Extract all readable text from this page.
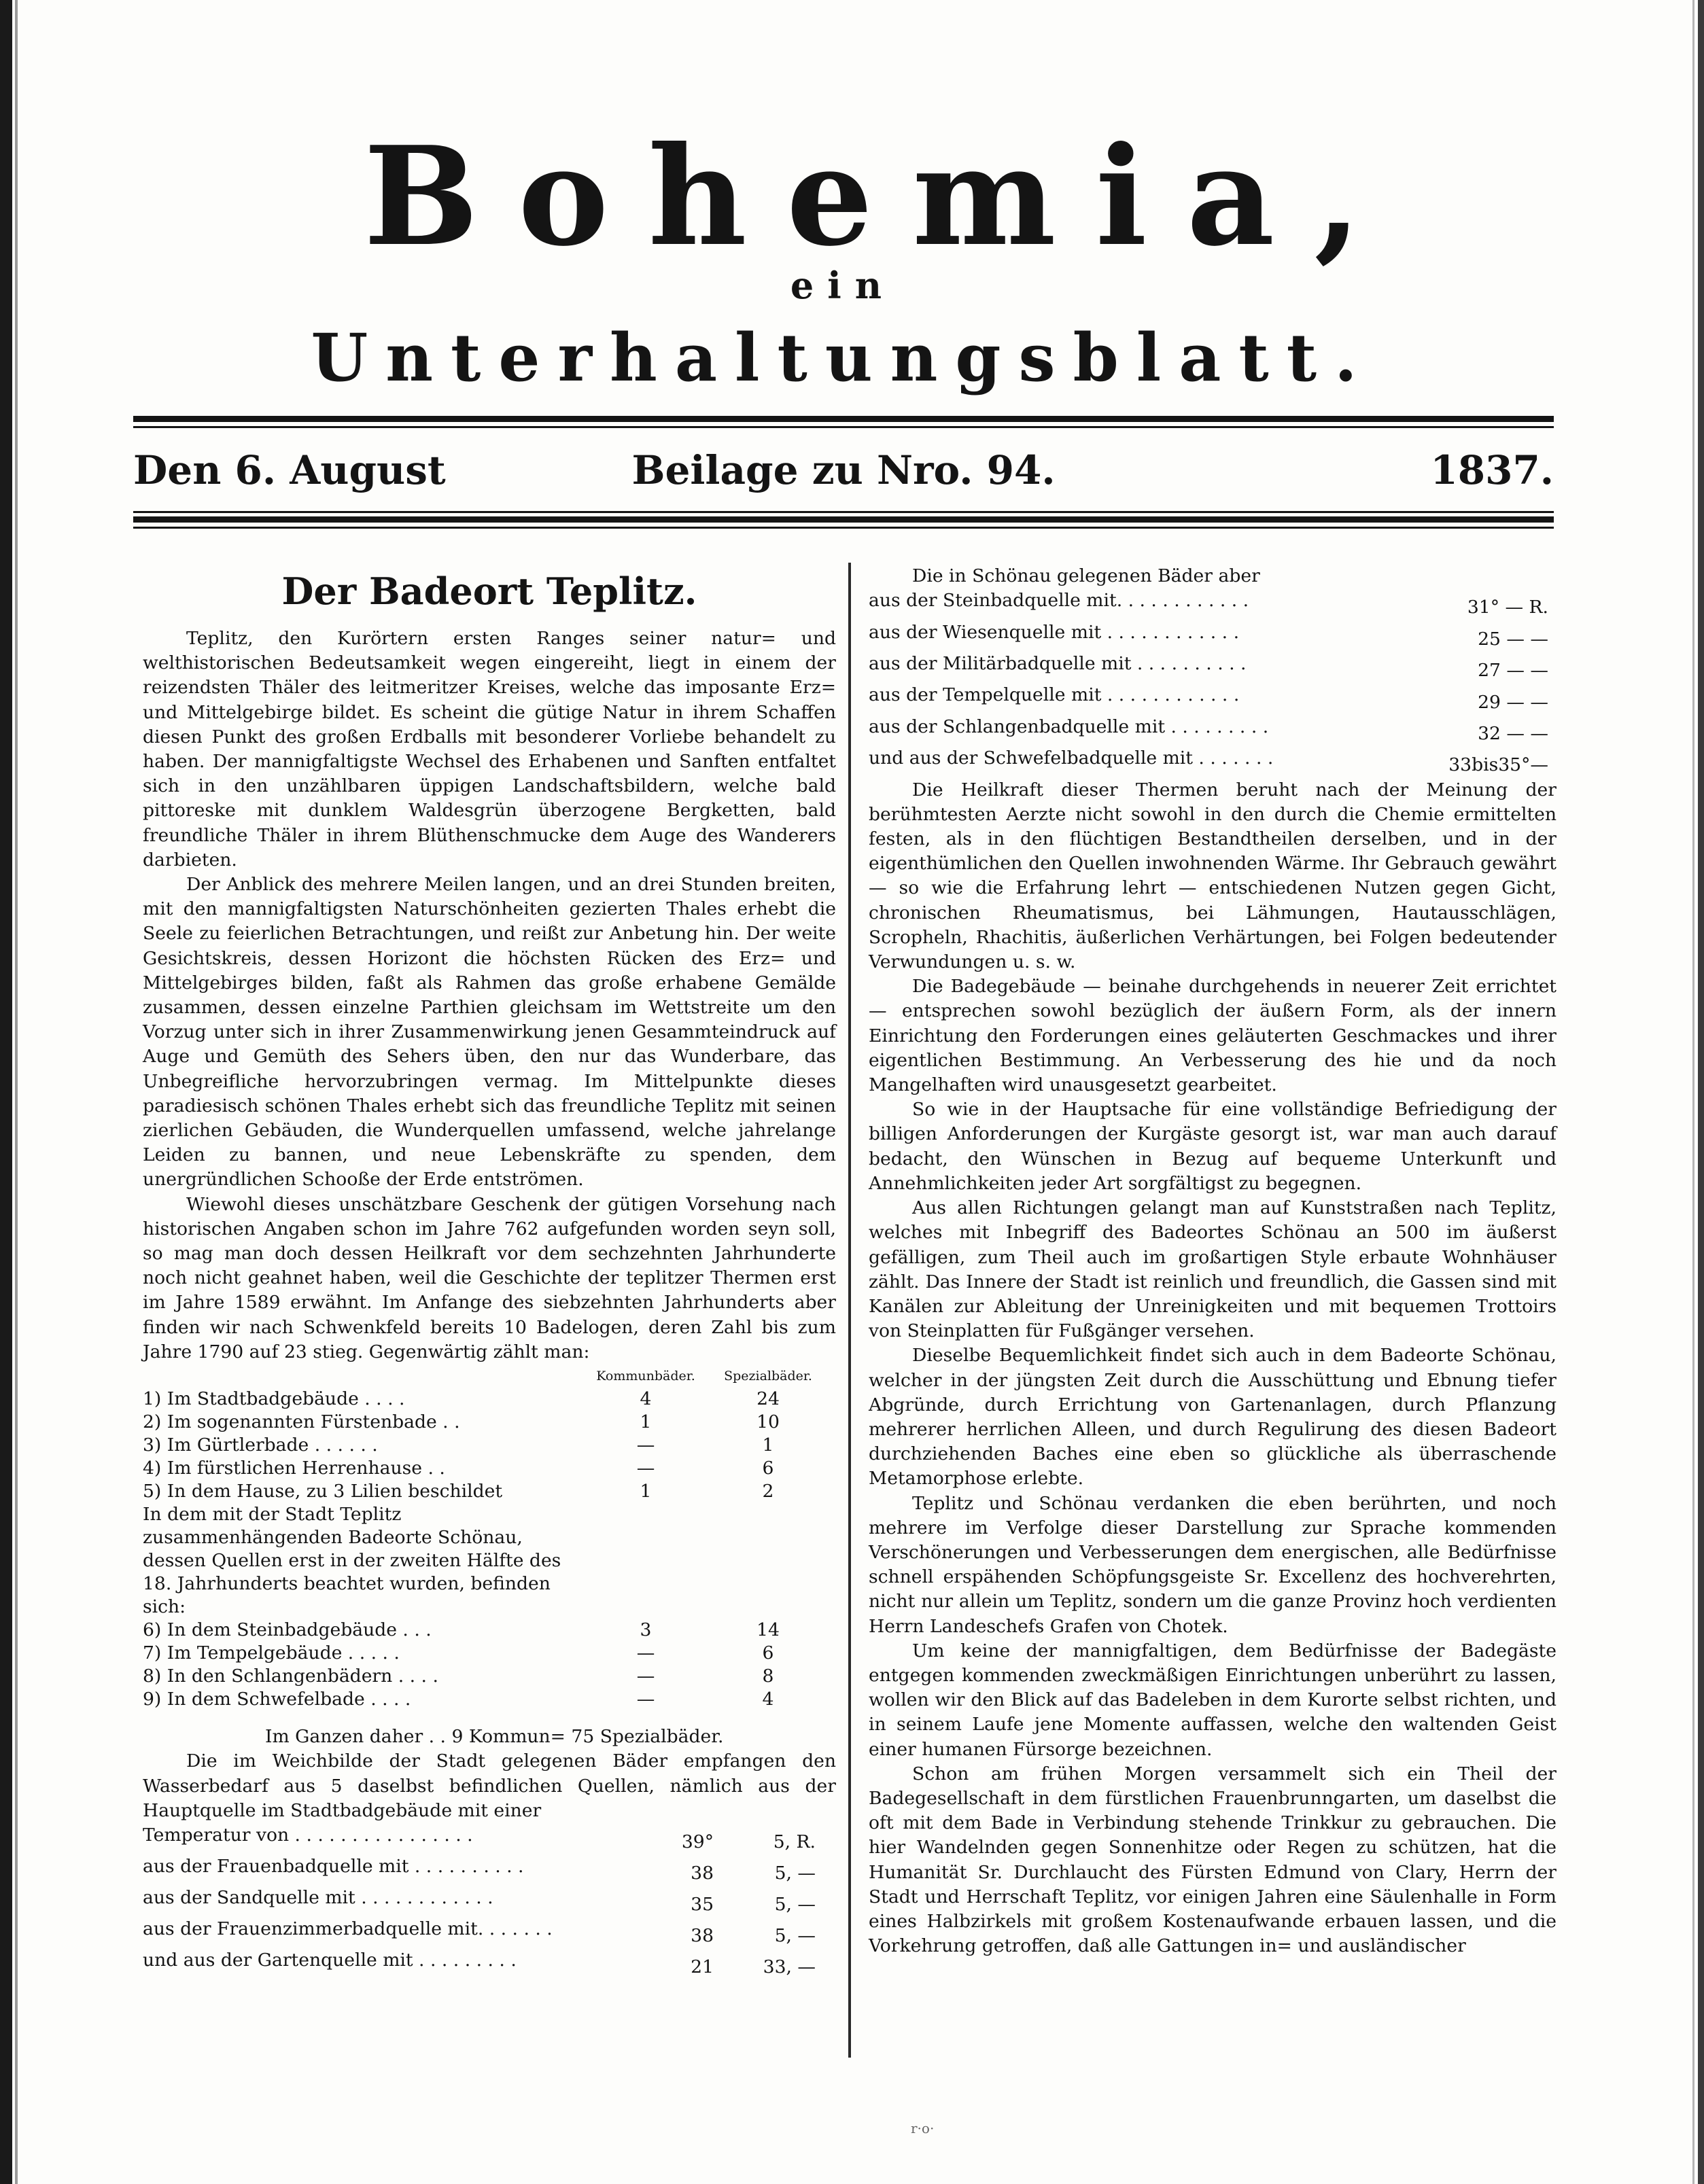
Bohemia,
ein
Unterhaltungsblatt.
Den 6. August	Beilage zu Nro. 94.	1837.
Der Badeort Teplitz.

Teplitz, den Kurörtern ersten Ranges seiner natur= und welthistorischen Bedeutsamkeit wegen eingereiht, liegt in einem der reizendsten Thäler des leitmeritzer Kreises, welche das imposante Erz= und Mittelgebirge bildet. Es scheint die gütige Natur in ihrem Schaffen diesen Punkt des großen Erdballs mit besonderer Vorliebe behandelt zu haben. Der mannigfaltigste Wechsel des Erhabenen und Sanften entfaltet sich in den unzählbaren üppigen Landschaftsbildern, welche bald pittoreske mit dunklem Waldesgrün überzogene Bergketten, bald freundliche Thäler in ihrem Blüthenschmucke dem Auge des Wanderers darbieten.

Der Anblick des mehrere Meilen langen, und an drei Stunden breiten, mit den mannigfaltigsten Naturschönheiten gezierten Thales erhebt die Seele zu feierlichen Betrachtungen, und reißt zur Anbetung hin. Der weite Gesichtskreis, dessen Horizont die höchsten Rücken des Erz= und Mittelgebirges bilden, faßt als Rahmen das große erhabene Gemälde zusammen, dessen einzelne Parthien gleichsam im Wettstreite um den Vorzug unter sich in ihrer Zusammenwirkung jenen Gesammteindruck auf Auge und Gemüth des Sehers üben, den nur das Wunderbare, das Unbegreifliche hervorzubringen vermag. Im Mittelpunkte dieses paradiesisch schönen Thales erhebt sich das freundliche Teplitz mit seinen zierlichen Gebäuden, die Wunderquellen umfassend, welche jahrelange Leiden zu bannen, und neue Lebenskräfte zu spenden, dem unergründlichen Schooße der Erde entströmen.

Wiewohl dieses unschätzbare Geschenk der gütigen Vorsehung nach historischen Angaben schon im Jahre 762 aufgefunden worden seyn soll, so mag man doch dessen Heilkraft vor dem sechzehnten Jahrhunderte noch nicht geahnet haben, weil die Geschichte der teplitzer Thermen erst im Jahre 1589 erwähnt. Im Anfange des siebzehnten Jahrhunderts aber finden wir nach Schwenkfeld bereits 10 Badelogen, deren Zahl bis zum Jahre 1790 auf 23 stieg. Gegenwärtig zählt man:

	Kommunbäder.	Spezialbäder.
1) Im Stadtbadgebäude . . . .	4	24
2) Im sogenannten Fürstenbade . .	1	10
3) Im Gürtlerbade . . . . . .	—	1
4) Im fürstlichen Herrenhause . .	—	6
5) In dem Hause, zu 3 Lilien beschildet	1	2
In dem mit der Stadt Teplitz zusammenhängenden Badeorte Schönau, dessen Quellen erst in der zweiten Hälfte des 18. Jahrhunderts beachtet wurden, befinden sich:		
6) In dem Steinbadgebäude . . .	3	14
7) Im Tempelgebäude . . . . .	—	6
8) In den Schlangenbädern . . . .	—	8
9) In dem Schwefelbade . . . .	—	4
Im Ganzen daher . . 9 Kommun= 75 Spezialbäder.

Die im Weichbilde der Stadt gelegenen Bäder empfangen den Wasserbedarf aus 5 daselbst befindlichen Quellen, nämlich aus der Hauptquelle im Stadtbadgebäude mit einer

Temperatur von . . . . . . . . . . . . . . . .	39°	5, R.
aus der Frauenbadquelle mit . . . . . . . . . .	38	5, —
aus der Sandquelle mit . . . . . . . . . . . .	35	5, —
aus der Frauenzimmerbadquelle mit. . . . . . .	38	5, —
und aus der Gartenquelle mit . . . . . . . . .	21	33, —

Die in Schönau gelegenen Bäder aber

aus der Steinbadquelle mit. . . . . . . . . . . .	31° — R.
aus der Wiesenquelle mit . . . . . . . . . . . .	25 — —
aus der Militärbadquelle mit . . . . . . . . . .	27 — —
aus der Tempelquelle mit . . . . . . . . . . . .	29 — —
aus der Schlangenbadquelle mit . . . . . . . . .	32 — —
und aus der Schwefelbadquelle mit . . . . . . .	33bis35°—

Die Heilkraft dieser Thermen beruht nach der Meinung der berühmtesten Aerzte nicht sowohl in den durch die Chemie ermittelten festen, als in den flüchtigen Bestandtheilen derselben, und in der eigenthümlichen den Quellen inwohnenden Wärme. Ihr Gebrauch gewährt — so wie die Erfahrung lehrt — entschiedenen Nutzen gegen Gicht, chronischen Rheumatismus, bei Lähmungen, Hautausschlägen, Scropheln, Rhachitis, äußerlichen Verhärtungen, bei Folgen bedeutender Verwundungen u. s. w.

Die Badegebäude — beinahe durchgehends in neuerer Zeit errichtet — entsprechen sowohl bezüglich der äußern Form, als der innern Einrichtung den Forderungen eines geläuterten Geschmackes und ihrer eigentlichen Bestimmung. An Verbesserung des hie und da noch Mangelhaften wird unausgesetzt gearbeitet.

So wie in der Hauptsache für eine vollständige Befriedigung der billigen Anforderungen der Kurgäste gesorgt ist, war man auch darauf bedacht, den Wünschen in Bezug auf bequeme Unterkunft und Annehmlichkeiten jeder Art sorgfältigst zu begegnen.

Aus allen Richtungen gelangt man auf Kunststraßen nach Teplitz, welches mit Inbegriff des Badeortes Schönau an 500 im äußerst gefälligen, zum Theil auch im großartigen Style erbaute Wohnhäuser zählt. Das Innere der Stadt ist reinlich und freundlich, die Gassen sind mit Kanälen zur Ableitung der Unreinigkeiten und mit bequemen Trottoirs von Steinplatten für Fußgänger versehen.

Dieselbe Bequemlichkeit findet sich auch in dem Badeorte Schönau, welcher in der jüngsten Zeit durch die Ausschüttung und Ebnung tiefer Abgründe, durch Errichtung von Gartenanlagen, durch Pflanzung mehrerer herrlichen Alleen, und durch Regulirung des diesen Badeort durchziehenden Baches eine eben so glückliche als überraschende Metamorphose erlebte.

Teplitz und Schönau verdanken die eben berührten, und noch mehrere im Verfolge dieser Darstellung zur Sprache kommenden Verschönerungen und Verbesserungen dem energischen, alle Bedürfnisse schnell erspähenden Schöpfungsgeiste Sr. Excellenz des hochverehrten, nicht nur allein um Teplitz, sondern um die ganze Provinz hoch verdienten Herrn Landeschefs Grafen von Chotek.

Um keine der mannigfaltigen, dem Bedürfnisse der Badegäste entgegen kommenden zweckmäßigen Einrichtungen unberührt zu lassen, wollen wir den Blick auf das Badeleben in dem Kurorte selbst richten, und in seinem Laufe jene Momente auffassen, welche den waltenden Geist einer humanen Fürsorge bezeichnen.

Schon am frühen Morgen versammelt sich ein Theil der Badegesellschaft in dem fürstlichen Frauenbrunngarten, um daselbst die oft mit dem Bade in Verbindung stehende Trinkkur zu gebrauchen. Die hier Wandelnden gegen Sonnenhitze oder Regen zu schützen, hat die Humanität Sr. Durchlaucht des Fürsten Edmund von Clary, Herrn der Stadt und Herrschaft Teplitz, vor einigen Jahren eine Säulenhalle in Form eines Halbzirkels mit großem Kostenaufwande erbauen lassen, und die Vorkehrung getroffen, daß alle Gattungen in= und ausländischer

r·o·
